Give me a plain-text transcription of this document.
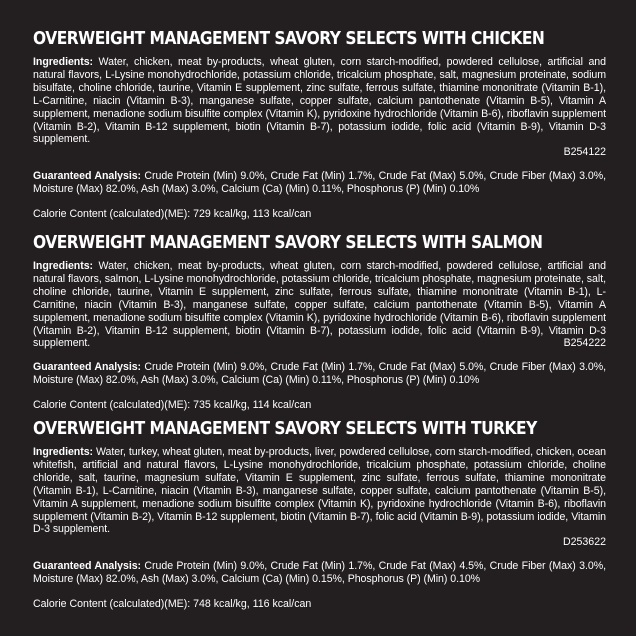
OVERWEIGHT MANAGEMENT SAVORY SELECTS WITH CHICKEN

Ingredients: Water, chicken, meat by-products, wheat gluten, corn starch-modified, powdered cellulose, artificial and natural flavors, L-Lysine monohydrochloride, potassium chloride, tricalcium phosphate, salt, magnesium proteinate, sodium bisulfate, choline chloride, taurine, Vitamin E supplement, zinc sulfate, ferrous sulfate, thiamine mononitrate (Vitamin B-1), L-Carnitine, niacin (Vitamin B-3), manganese sulfate, copper sulfate, calcium pantothenate (Vitamin B-5), Vitamin A supplement, menadione sodium bisulfite complex (Vitamin K), pyridoxine hydrochloride (Vitamin B-6), riboflavin supplement (Vitamin B-2), Vitamin B-12 supplement, biotin (Vitamin B-7), potassium iodide, folic acid (Vitamin B-9), Vitamin D-3 supplement.

B254122

Guaranteed Analysis: Crude Protein (Min) 9.0%, Crude Fat (Min) 1.7%, Crude Fat (Max) 5.0%, Crude Fiber (Max) 3.0%, Moisture (Max) 82.0%, Ash (Max) 3.0%, Calcium (Ca) (Min) 0.11%, Phosphorus (P) (Min) 0.10%

Calorie Content (calculated)(ME): 729 kcal/kg, 113 kcal/can
OVERWEIGHT MANAGEMENT SAVORY SELECTS WITH SALMON

Ingredients: Water, chicken, meat by-products, wheat gluten, corn starch-modified, powdered cellulose, artificial and natural flavors, salmon, L-Lysine monohydrochloride, potassium chloride, tricalcium phosphate, magnesium proteinate, salt, choline chloride, taurine, Vitamin E supplement, zinc sulfate, ferrous sulfate, thiamine mononitrate (Vitamin B-1), L-Carnitine, niacin (Vitamin B-3), manganese sulfate, copper sulfate, calcium pantothenate (Vitamin B-5), Vitamin A supplement, menadione sodium bisulfite complex (Vitamin K), pyridoxine hydrochloride (Vitamin B-6), riboflavin supplement (Vitamin B-2), Vitamin B-12 supplement, biotin (Vitamin B-7), potassium iodide, folic acid (Vitamin B-9), Vitamin D-3 supplement.	B254222

Guaranteed Analysis: Crude Protein (Min) 9.0%, Crude Fat (Min) 1.7%, Crude Fat (Max) 5.0%, Crude Fiber (Max) 3.0%, Moisture (Max) 82.0%, Ash (Max) 3.0%, Calcium (Ca) (Min) 0.11%, Phosphorus (P) (Min) 0.10%

Calorie Content (calculated)(ME): 735 kcal/kg, 114 kcal/can
OVERWEIGHT MANAGEMENT SAVORY SELECTS WITH TURKEY

Ingredients: Water, turkey, wheat gluten, meat by-products, liver, powdered cellulose, corn starch-modified, chicken, ocean whitefish, artificial and natural flavors, L-Lysine monohydrochloride, tricalcium phosphate, potassium chloride, choline chloride, salt, taurine, magnesium sulfate, Vitamin E supplement, zinc sulfate, ferrous sulfate, thiamine mononitrate (Vitamin B-1), L-Carnitine, niacin (Vitamin B-3), manganese sulfate, copper sulfate, calcium pantothenate (Vitamin B-5), Vitamin A supplement, menadione sodium bisulfite complex (Vitamin K), pyridoxine hydrochloride (Vitamin B-6), riboflavin supplement (Vitamin B-2), Vitamin B-12 supplement, biotin (Vitamin B-7), folic acid (Vitamin B-9), potassium iodide, Vitamin D-3 supplement.

D253622

Guaranteed Analysis: Crude Protein (Min) 9.0%, Crude Fat (Min) 1.7%, Crude Fat (Max) 4.5%, Crude Fiber (Max) 3.0%, Moisture (Max) 82.0%, Ash (Max) 3.0%, Calcium (Ca) (Min) 0.15%, Phosphorus (P) (Min) 0.10%

Calorie Content (calculated)(ME): 748 kcal/kg, 116 kcal/can
